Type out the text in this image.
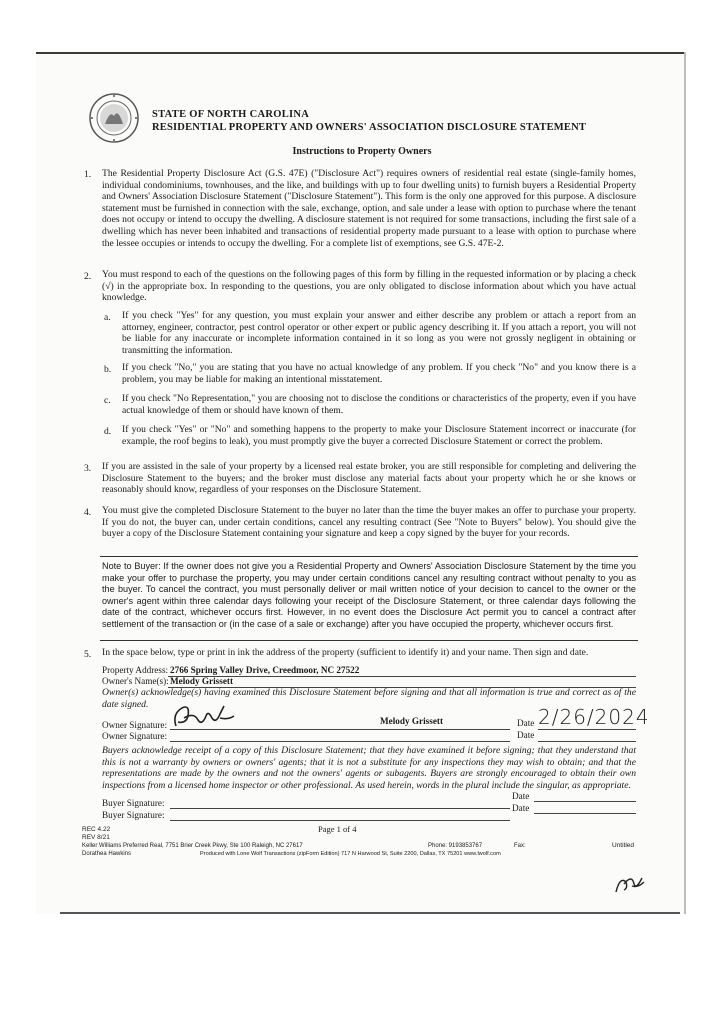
STATE OF NORTH CAROLINA
RESIDENTIAL PROPERTY AND OWNERS' ASSOCIATION DISCLOSURE STATEMENT
Instructions to Property Owners
1. The Residential Property Disclosure Act (G.S. 47E) ("Disclosure Act") requires owners of residential real estate (single-family homes, individual condominiums, townhouses, and the like, and buildings with up to four dwelling units) to furnish buyers a Residential Property and Owners' Association Disclosure Statement ("Disclosure Statement"). This form is the only one approved for this purpose. A disclosure statement must be furnished in connection with the sale, exchange, option, and sale under a lease with option to purchase where the tenant does not occupy or intend to occupy the dwelling. A disclosure statement is not required for some transactions, including the first sale of a dwelling which has never been inhabited and transactions of residential property made pursuant to a lease with option to purchase where the lessee occupies or intends to occupy the dwelling. For a complete list of exemptions, see G.S. 47E-2.
2. You must respond to each of the questions on the following pages of this form by filling in the requested information or by placing a check (√) in the appropriate box. In responding to the questions, you are only obligated to disclose information about which you have actual knowledge.
a. If you check "Yes" for any question, you must explain your answer and either describe any problem or attach a report from an attorney, engineer, contractor, pest control operator or other expert or public agency describing it. If you attach a report, you will not be liable for any inaccurate or incomplete information contained in it so long as you were not grossly negligent in obtaining or transmitting the information.
b. If you check "No," you are stating that you have no actual knowledge of any problem. If you check "No" and you know there is a problem, you may be liable for making an intentional misstatement.
c. If you check "No Representation," you are choosing not to disclose the conditions or characteristics of the property, even if you have actual knowledge of them or should have known of them.
d. If you check "Yes" or "No" and something happens to the property to make your Disclosure Statement incorrect or inaccurate (for example, the roof begins to leak), you must promptly give the buyer a corrected Disclosure Statement or correct the problem.
3. If you are assisted in the sale of your property by a licensed real estate broker, you are still responsible for completing and delivering the Disclosure Statement to the buyers; and the broker must disclose any material facts about your property which he or she knows or reasonably should know, regardless of your responses on the Disclosure Statement.
4. You must give the completed Disclosure Statement to the buyer no later than the time the buyer makes an offer to purchase your property. If you do not, the buyer can, under certain conditions, cancel any resulting contract (See "Note to Buyers" below). You should give the buyer a copy of the Disclosure Statement containing your signature and keep a copy signed by the buyer for your records.
Note to Buyer: If the owner does not give you a Residential Property and Owners' Association Disclosure Statement by the time you make your offer to purchase the property, you may under certain conditions cancel any resulting contract without penalty to you as the buyer. To cancel the contract, you must personally deliver or mail written notice of your decision to cancel to the owner or the owner's agent within three calendar days following your receipt of the Disclosure Statement, or three calendar days following the date of the contract, whichever occurs first. However, in no event does the Disclosure Act permit you to cancel a contract after settlement of the transaction or (in the case of a sale or exchange) after you have occupied the property, whichever occurs first.
5. In the space below, type or print in ink the address of the property (sufficient to identify it) and your name. Then sign and date.
Property Address: 2766 Spring Valley Drive, Creedmoor, NC 27522
Owner's Name(s): Melody Grissett
Owner(s) acknowledge(s) having examined this Disclosure Statement before signing and that all information is true and correct as of the date signed.
Owner Signature:	Melody Grissett	Date 2/26/2024
Owner Signature:	Date
Buyers acknowledge receipt of a copy of this Disclosure Statement; that they have examined it before signing; that they understand that this is not a warranty by owners or owners' agents; that it is not a substitute for any inspections they may wish to obtain; and that the representations are made by the owners and not the owners' agents or subagents. Buyers are strongly encouraged to obtain their own inspections from a licensed home inspector or other professional. As used herein, words in the plural include the singular, as appropriate.
Buyer Signature:
Date
Buyer Signature:
Date
REC 4.22
REV 8/21
Page 1 of 4
Keller Williams Preferred Real, 7751 Brier Creek Pkwy, Ste 100 Raleigh, NC 27617	Phone: 9193853767	Fax:	Untitled
Dorathea Hawkins	Produced with Lone Wolf Transactions (zipForm Edition) 717 N Harwood St, Suite 2200, Dallas, TX 75201 www.lwolf.com
